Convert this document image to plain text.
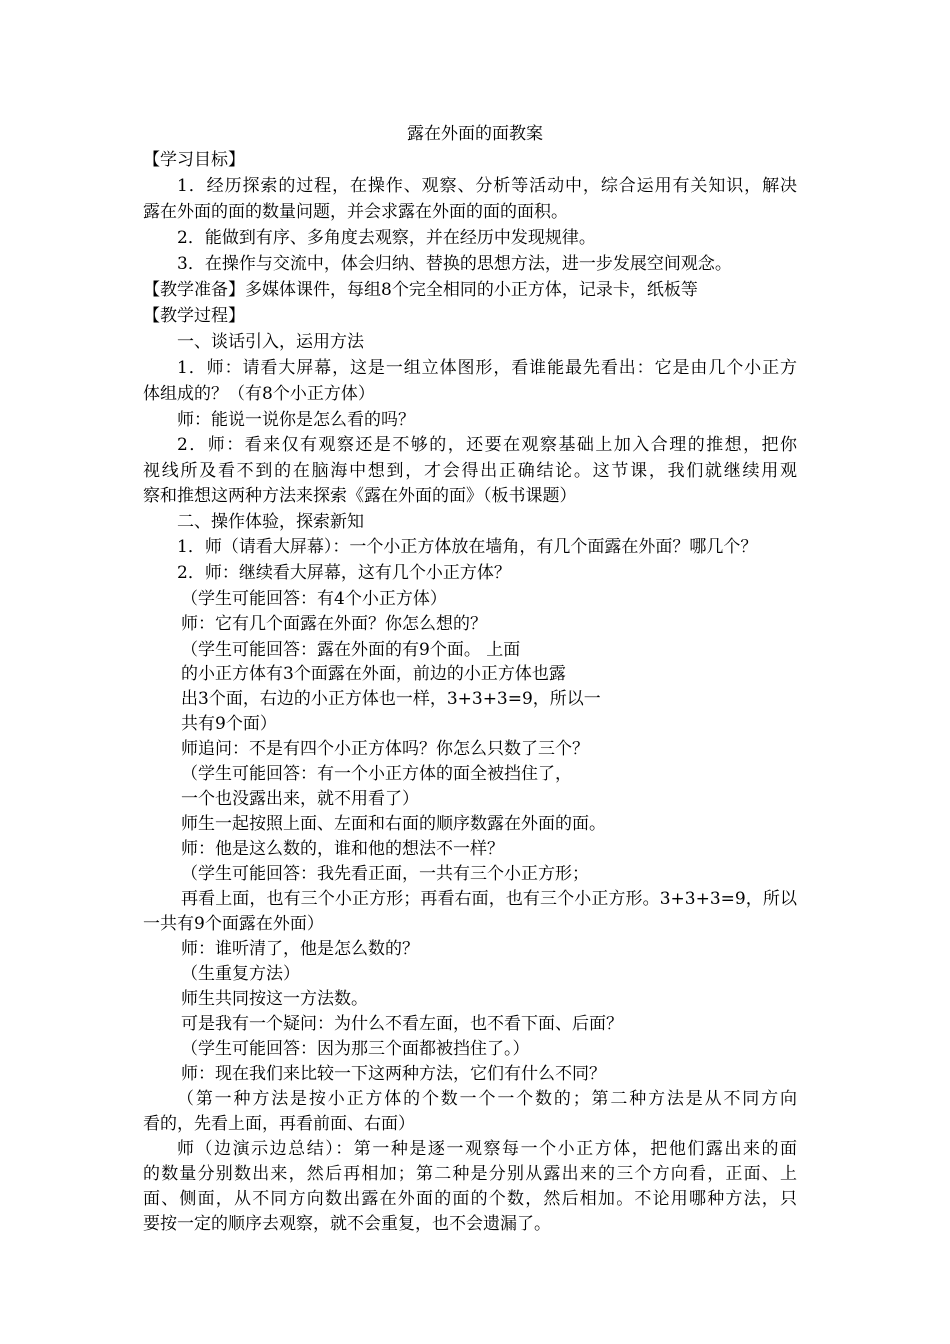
露在外面的面教案
【学习目标】
1．经历探索的过程，在操作、观察、分析等活动中，综合运用有关知识，解决
露在外面的面的数量问题，并会求露在外面的面的面积。
2．能做到有序、多角度去观察，并在经历中发现规律。
3．在操作与交流中，体会归纳、替换的思想方法，进一步发展空间观念。
【教学准备】多媒体课件，每组8个完全相同的小正方体，记录卡，纸板等
【教学过程】
一、谈话引入，运用方法
1．师：请看大屏幕，这是一组立体图形，看谁能最先看出：它是由几个小正方
体组成的？（有8个小正方体）
师：能说一说你是怎么看的吗？
2．师：看来仅有观察还是不够的，还要在观察基础上加入合理的推想，把你
视线所及看不到的在脑海中想到，才会得出正确结论。这节课，我们就继续用观
察和推想这两种方法来探索《露在外面的面》（板书课题）
二、操作体验，探索新知
1．师（请看大屏幕）：一个小正方体放在墙角，有几个面露在外面？哪几个？
2．师：继续看大屏幕，这有几个小正方体？
（学生可能回答：有4个小正方体）
师：它有几个面露在外面？你怎么想的？
（学生可能回答：露在外面的有9个面。 上面
的小正方体有3个面露在外面，前边的小正方体也露
出3个面，右边的小正方体也一样，3+3+3=9，所以一
共有9个面）
师追问：不是有四个小正方体吗？你怎么只数了三个？
（学生可能回答：有一个小正方体的面全被挡住了，
一个也没露出来，就不用看了）
师生一起按照上面、左面和右面的顺序数露在外面的面。
师：他是这么数的，谁和他的想法不一样？
（学生可能回答：我先看正面，一共有三个小正方形；
再看上面，也有三个小正方形；再看右面，也有三个小正方形。3+3+3=9，所以
一共有9个面露在外面）
师：谁听清了，他是怎么数的？
（生重复方法）
师生共同按这一方法数。
可是我有一个疑问：为什么不看左面，也不看下面、后面？
（学生可能回答：因为那三个面都被挡住了。）
师：现在我们来比较一下这两种方法，它们有什么不同？
（第一种方法是按小正方体的个数一个一个数的；第二种方法是从不同方向
看的，先看上面，再看前面、右面）
师（边演示边总结）：第一种是逐一观察每一个小正方体，把他们露出来的面
的数量分别数出来，然后再相加；第二种是分别从露出来的三个方向看，正面、上
面、侧面，从不同方向数出露在外面的面的个数，然后相加。不论用哪种方法，只
要按一定的顺序去观察，就不会重复，也不会遗漏了。
